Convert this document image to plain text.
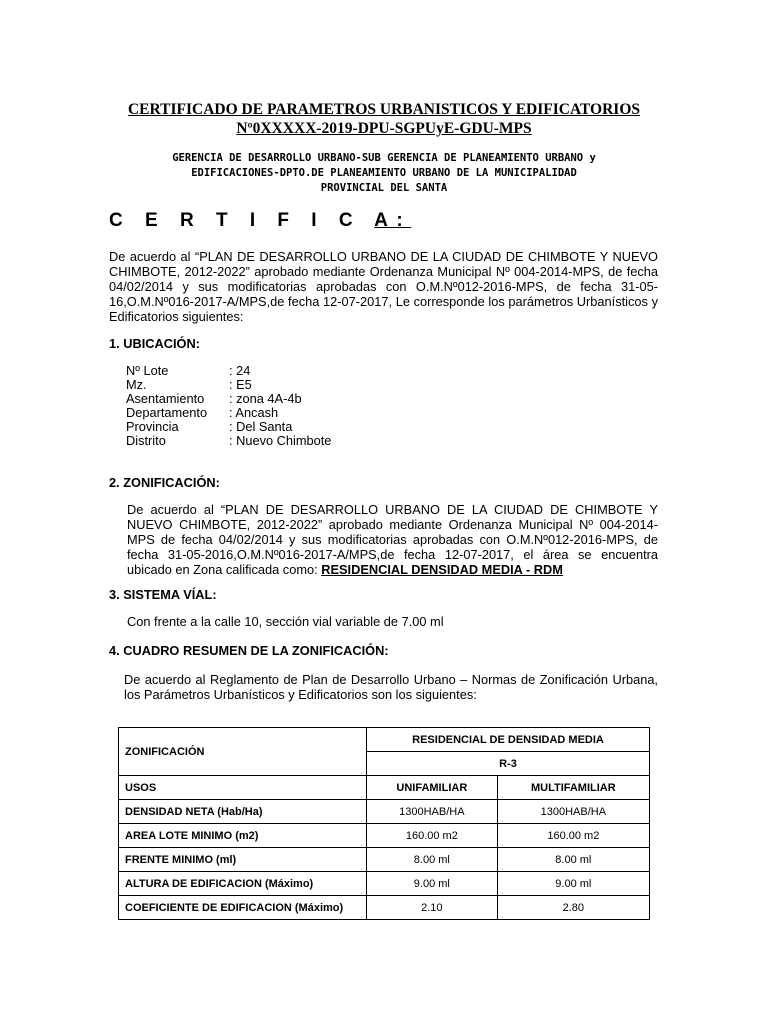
CERTIFICADO DE PARAMETROS URBANISTICOS Y EDIFICATORIOS
Nº0XXXXX-2019-DPU-SGPUyE-GDU-MPS
GERENCIA DE DESARROLLO URBANO-SUB GERENCIA DE PLANEAMIENTO URBANO y
EDIFICACIONES-DPTO.DE PLANEAMIENTO URBANO DE LA MUNICIPALIDAD
PROVINCIAL DEL SANTA
C E R T I F I C A:
De acuerdo al “PLAN DE DESARROLLO URBANO DE LA CIUDAD DE CHIMBOTE Y NUEVO CHIMBOTE, 2012-2022” aprobado mediante Ordenanza Municipal Nº 004-2014-MPS, de fecha 04/02/2014 y sus modificatorias aprobadas con O.M.Nº012-2016-MPS, de fecha 31-05-16,O.M.Nº016-2017-A/MPS,de fecha 12-07-2017, Le corresponde los parámetros Urbanísticos y Edificatorios siguientes:
1. UBICACIÓN:
Nº Lote	: 24
Mz.	: E5
Asentamiento	: zona 4A-4b
Departamento	: Ancash
Provincia	: Del Santa
Distrito	: Nuevo Chimbote
2. ZONIFICACIÓN:
De acuerdo al “PLAN DE DESARROLLO URBANO DE LA CIUDAD DE CHIMBOTE Y NUEVO CHIMBOTE, 2012-2022” aprobado mediante Ordenanza Municipal Nº 004-2014-MPS de fecha 04/02/2014 y sus modificatorias aprobadas con O.M.Nº012-2016-MPS, de fecha 31-05-2016,O.M.Nº016-2017-A/MPS,de fecha 12-07-2017, el área se encuentra ubicado en Zona calificada como: RESIDENCIAL DENSIDAD MEDIA - RDM
3. SISTEMA VÍAL:
Con frente a la calle 10, sección vial variable de 7.00 ml
4. CUADRO RESUMEN DE LA ZONIFICACIÓN:
De acuerdo al Reglamento de Plan de Desarrollo Urbano – Normas de Zonificación Urbana, los Parámetros Urbanísticos y Edificatorios son los siguientes:
ZONIFICACIÓN	RESIDENCIAL DE DENSIDAD MEDIA	
	R-3	
USOS	UNIFAMILIAR	MULTIFAMILIAR
DENSIDAD NETA (Hab/Ha)	1300HAB/HA	1300HAB/HA
AREA LOTE MINIMO (m2)	160.00 m2	160.00 m2
FRENTE MINIMO (ml)	8.00 ml	8.00 ml
ALTURA DE EDIFICACION (Máximo)	9.00 ml	9.00 ml
COEFICIENTE DE EDIFICACION (Máximo)	2.10	2.80
